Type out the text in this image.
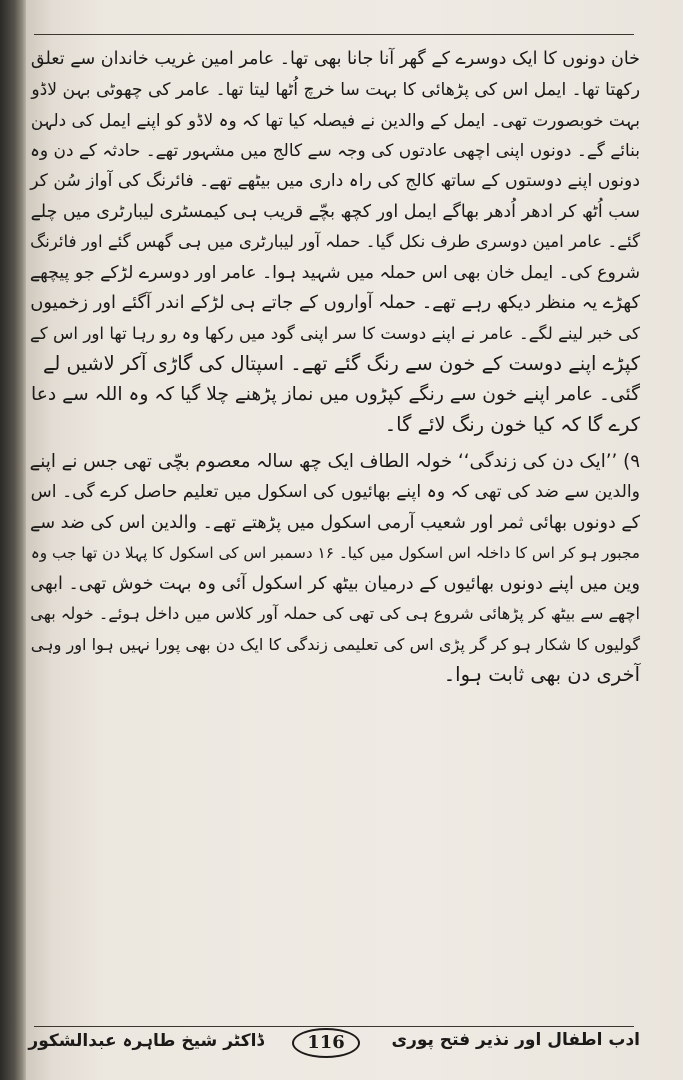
خان دونوں کا ایک دوسرے کے گھر آنا جانا بھی تھا۔ عامر امین غریب خاندان سے تعلق
رکھتا تھا۔ ایمل اس کی پڑھائی کا بہت سا خرچ اُٹھا لیتا تھا۔ عامر کی چھوٹی بہن لاڈو
بہت خوبصورت تھی۔ ایمل کے والدین نے فیصلہ کیا تھا کہ وہ لاڈو کو اپنے ایمل کی دلہن
بنائے گے۔ دونوں اپنی اچھی عادتوں کی وجہ سے کالج میں مشہور تھے۔ حادثہ کے دن وہ
دونوں اپنے دوستوں کے ساتھ کالج کی راہ داری میں بیٹھے تھے۔ فائرنگ کی آواز سُن کر
سب اُٹھ کر ادھر اُدھر بھاگے ایمل اور کچھ بچّے قریب ہی کیمسٹری لیبارٹری میں چلے
گئے۔ عامر امین دوسری طرف نکل گیا۔ حملہ آور لیبارٹری میں ہی گھس گئے اور فائرنگ
شروع کی۔ ایمل خان بھی اس حملہ میں شہید ہوا۔ عامر اور دوسرے لڑکے جو پیچھے
کھڑے یہ منظر دیکھ رہے تھے۔ حملہ آواروں کے جاتے ہی لڑکے اندر آگئے اور زخمیوں
کی خبر لینے لگے۔ عامر نے اپنے دوست کا سر اپنی گود میں رکھا وہ رو رہا تھا اور اس کے
کپڑے اپنے دوست کے خون سے رنگ گئے تھے۔ اسپتال کی گاڑی آکر لاشیں لے
گئی۔ عامر اپنے خون سے رنگے کپڑوں میں نماز پڑھنے چلا گیا کہ وہ اللہ سے دعا
کرے گا کہ کیا خون رنگ لائے گا۔
۹) ’’ایک دن کی زندگی‘‘ خولہ الطاف ایک چھ سالہ معصوم بچّی تھی جس نے اپنے
والدین سے ضد کی تھی کہ وہ اپنے بھائیوں کی اسکول میں تعلیم حاصل کرے گی۔ اس
کے دونوں بھائی ثمر اور شعیب آرمی اسکول میں پڑھتے تھے۔ والدین اس کی ضد سے
مجبور ہو کر اس کا داخلہ اس اسکول میں کیا۔ ۱۶ دسمبر اس کی اسکول کا پہلا دن تھا جب وہ
وین میں اپنے دونوں بھائیوں کے درمیان بیٹھ کر اسکول آئی وہ بہت خوش تھی۔ ابھی
اچھے سے بیٹھ کر پڑھائی شروع ہی کی تھی کی حملہ آور کلاس میں داخل ہوئے۔ خولہ بھی
گولیوں کا شکار ہو کر گر پڑی اس کی تعلیمی زندگی کا ایک دن بھی پورا نہیں ہوا اور وہی
آخری دن بھی ثابت ہوا۔
ادب اطفال اور نذیر فتح پوری
116
ڈاکٹر شیخ طاہرہ عبدالشکور
